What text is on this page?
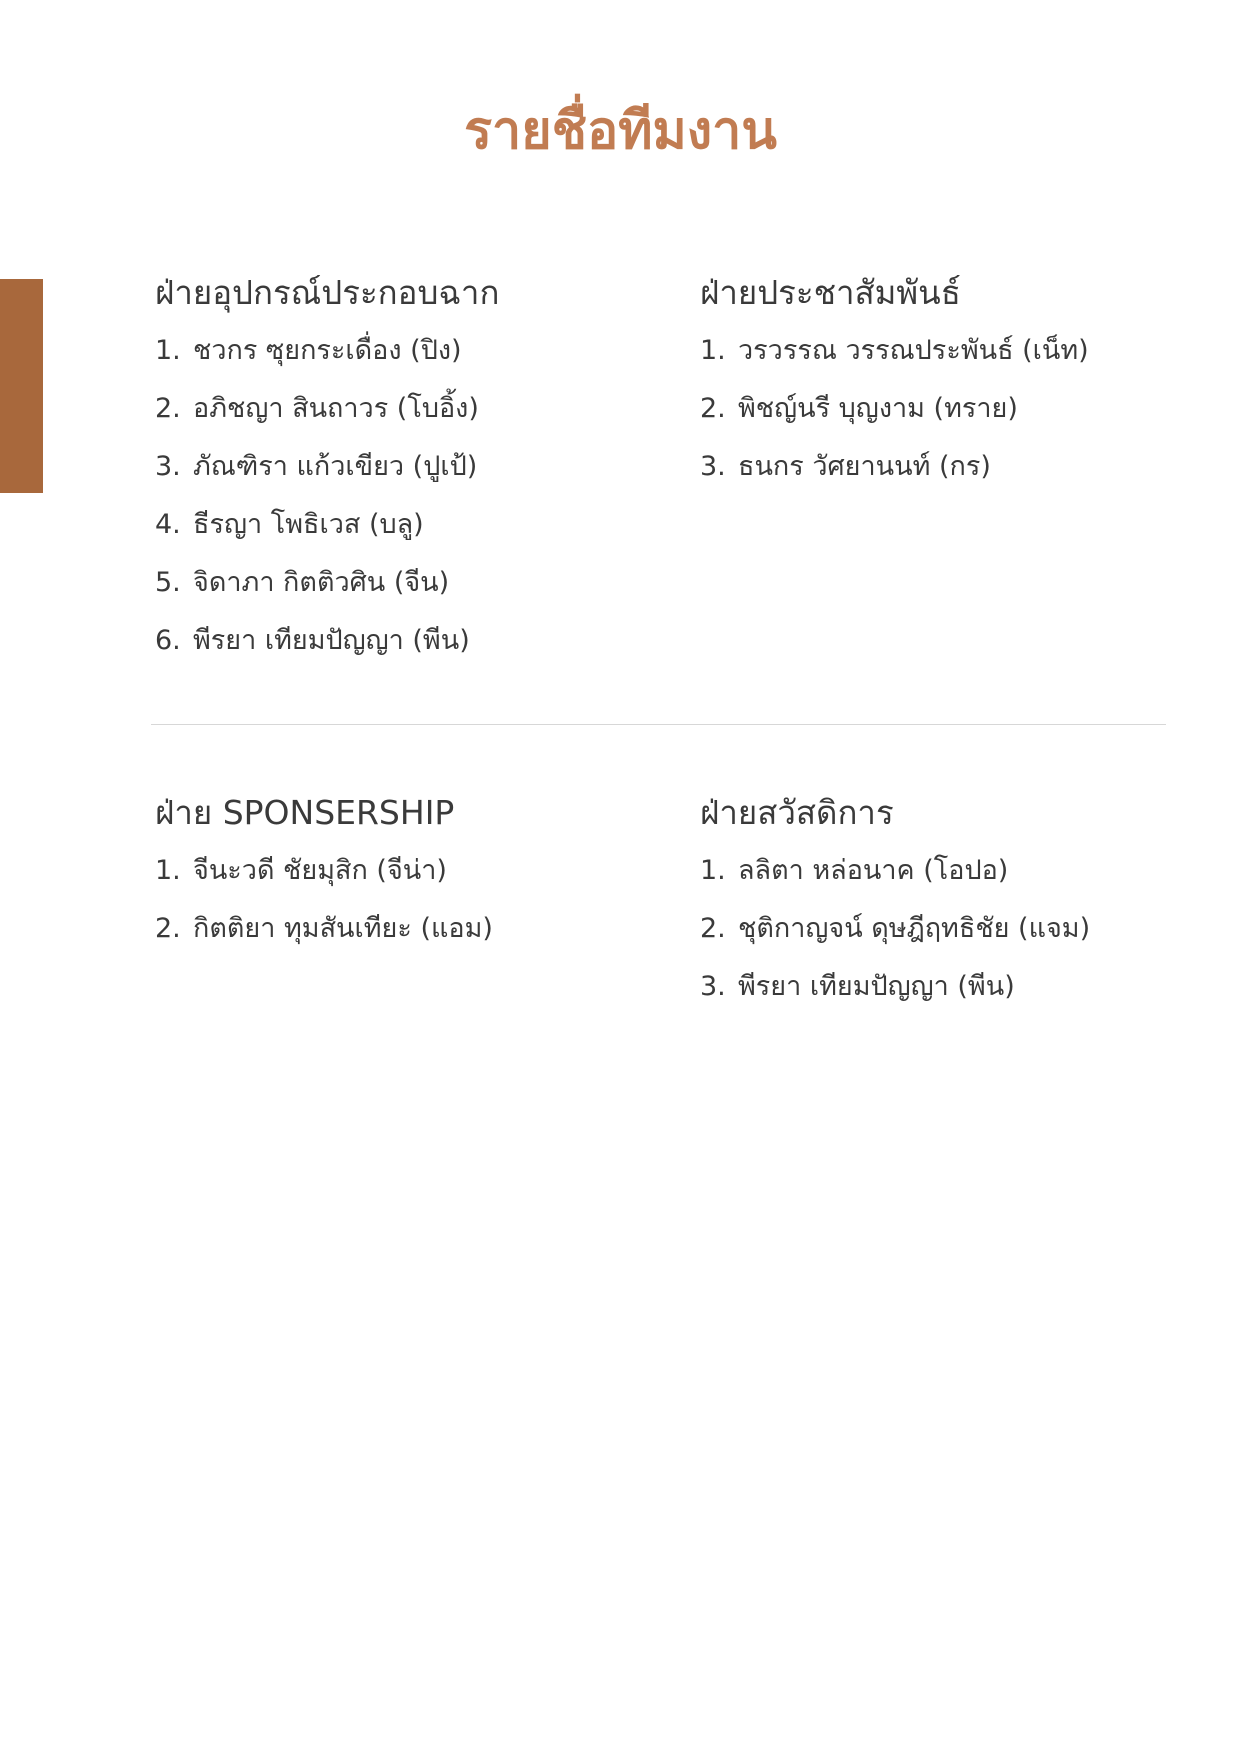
รายชื่อทีมงาน
ฝ่ายอุปกรณ์ประกอบฉาก
1. ชวกร ซุยกระเดื่อง (ปิง)
2. อภิชญา สินถาวร (โบอิ้ง)
3. ภัณฑิรา แก้วเขียว (ปูเป้)
4. ธีรญา โพธิเวส (บลู)
5. จิดาภา กิตติวศิน (จีน)
6. พีรยา เทียมปัญญา (พีน)
ฝ่ายประชาสัมพันธ์
1. วรวรรณ วรรณประพันธ์ (เน็ท)
2. พิชญ์นรี บุญงาม (ทราย)
3. ธนกร วัศยานนท์ (กร)
ฝ่าย SPONSERSHIP
1. จีนะวดี ชัยมุสิก (จีน่า)
2. กิตติยา ทุมสันเทียะ (แอม)
ฝ่ายสวัสดิการ
1. ลลิตา หล่อนาค (โอปอ)
2. ชุติกาญจน์ ดุษฎีฤทธิชัย (แจม)
3. พีรยา เทียมปัญญา (พีน)
